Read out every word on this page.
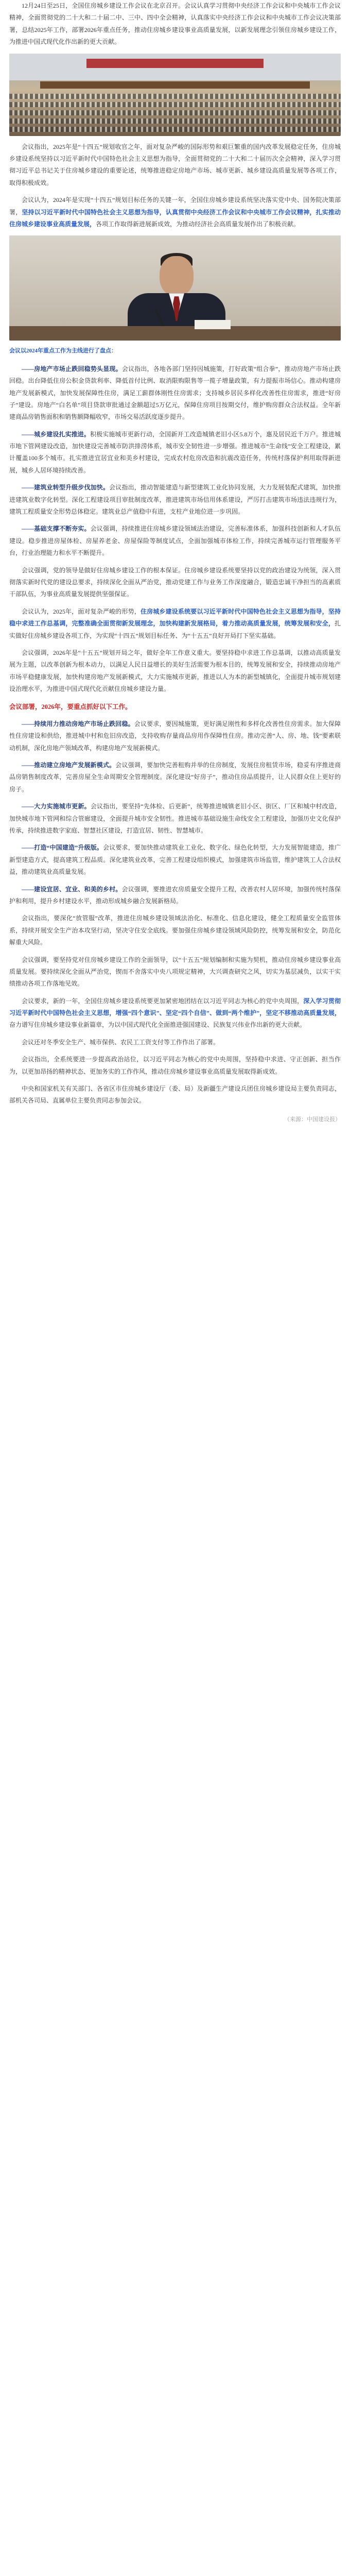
12月24日至25日，全国住房城乡建设工作会议在北京召开。会议认真学习贯彻中央经济工作会议和中央城市工作会议精神，全面贯彻党的二十大和二十届二中、三中、四中全会精神，认真落实中央经济工作会议和中央城市工作会议决策部署，总结2025年工作，部署2026年重点任务，推动住房城乡建设事业高质量发展，以新发展理念引领住房城乡建设工作，为推进中国式现代化作出新的更大贡献。

会议指出，2025年是“十四五”规划收官之年，面对复杂严峻的国际形势和艰巨繁重的国内改革发展稳定任务，住房城乡建设系统坚持以习近平新时代中国特色社会主义思想为指导，全面贯彻党的二十大和二十届历次全会精神，深入学习贯彻习近平总书记关于住房城乡建设的重要论述，统筹推进稳定房地产市场、城市更新、城乡建设高质量发展等各项工作，取得积极成效。

会议认为，2024年是实现“十四五”规划目标任务的关键一年，全国住房城乡建设系统坚决落实党中央、国务院决策部署，坚持以习近平新时代中国特色社会主义思想为指导，认真贯彻中央经济工作会议和中央城市工作会议精神，扎实推动住房城乡建设事业高质量发展，各项工作取得新进展新成效，为推动经济社会高质量发展作出了积极贡献。

会议以2024年重点工作为主线进行了盘点：

——房地产市场止跌回稳势头显现。会议指出，各地各部门坚持因城施策，打好政策“组合拳”，推动房地产市场止跌回稳。出台降低住房公积金贷款利率、降低首付比例、取消限购限售等一揽子增量政策，有力提振市场信心。推动构建房地产发展新模式，加快发展保障性住房，满足工薪群体刚性住房需求；支持城乡居民多样化改善性住房需求，推进“好房子”建设。房地产“白名单”项目贷款审批通过金额超过5万亿元，保障住房项目按期交付，维护购房群众合法权益。全年新建商品房销售面积和销售额降幅收窄，市场交易活跃度逐步提升。

——城乡建设扎实推进。积极实施城市更新行动，全国新开工改造城镇老旧小区5.8万个，惠及居民近千万户。推进城市地下管网建设改造，加快建设完善城市防洪排涝体系，城市安全韧性进一步增强。推进城市“生命线”安全工程建设，累计覆盖100多个城市。扎实推进宜居宜业和美乡村建设，完成农村危房改造和抗震改造任务，传统村落保护利用取得新进展，城乡人居环境持续改善。

——建筑业转型升级步伐加快。会议指出，推动智能建造与新型建筑工业化协同发展，大力发展装配式建筑，加快推进建筑业数字化转型。深化工程建设项目审批制度改革，推进建筑市场信用体系建设，严厉打击建筑市场违法违规行为，建筑工程质量安全形势总体稳定。建筑业总产值稳中有进，支柱产业地位进一步巩固。

——基础支撑不断夯实。会议强调，持续推进住房城乡建设领域法治建设，完善标准体系，加强科技创新和人才队伍建设。稳步推进房屋体检、房屋养老金、房屋保险等制度试点，全面加强城市体检工作，持续完善城市运行管理服务平台，行业治理能力和水平不断提升。

会议强调，党的领导是做好住房城乡建设工作的根本保证。住房城乡建设系统要坚持以党的政治建设为统领，深入贯彻落实新时代党的建设总要求，持续深化全面从严治党，推动党建工作与业务工作深度融合，锻造忠诚干净担当的高素质干部队伍，为事业高质量发展提供坚强保证。

会议认为，2025年，面对复杂严峻的形势，住房城乡建设系统要以习近平新时代中国特色社会主义思想为指导，坚持稳中求进工作总基调，完整准确全面贯彻新发展理念，加快构建新发展格局，着力推动高质量发展，统筹发展和安全，扎实做好住房城乡建设各项工作，为实现“十四五”规划目标任务、为“十五五”良好开局打下坚实基础。

会议强调，2026年是“十五五”规划开局之年，做好全年工作意义重大。要坚持稳中求进工作总基调，以推动高质量发展为主题，以改革创新为根本动力，以满足人民日益增长的美好生活需要为根本目的，统筹发展和安全，持续推动房地产市场平稳健康发展，加快构建房地产发展新模式，大力实施城市更新，推进以人为本的新型城镇化，全面提升城市规划建设治理水平，为推进中国式现代化贡献住房城乡建设力量。

会议部署，2026年，要重点抓好以下工作。

——持续用力推动房地产市场止跌回稳。会议要求，要因城施策，更好满足刚性和多样化改善性住房需求。加大保障性住房建设和供给，推进城中村和危旧房改造，支持收购存量商品房用作保障性住房。推动完善“人、房、地、钱”要素联动机制，深化房地产领域改革，构建房地产发展新模式。

——推动建立房地产发展新模式。会议强调，要加快完善租购并举的住房制度，发展住房租赁市场，稳妥有序推进商品房销售制度改革，完善房屋全生命周期安全管理制度。深化建设“好房子”，推动住房品质提升，让人民群众住上更好的房子。

——大力实施城市更新。会议指出，要坚持“先体检、后更新”，统筹推进城镇老旧小区、街区、厂区和城中村改造，加快城市地下管网和综合管廊建设，全面提升城市安全韧性。推进城市基础设施生命线安全工程建设，加强历史文化保护传承，持续推进数字家庭、智慧社区建设，打造宜居、韧性、智慧城市。

——打造“中国建造”升级版。会议要求，要加快推动建筑业工业化、数字化、绿色化转型，大力发展智能建造，推广新型建造方式，提高建筑工程品质。深化建筑业改革，完善工程建设组织模式，加强建筑市场监管，维护建筑工人合法权益，推动建筑业高质量发展。

——建设宜居、宜业、和美的乡村。会议强调，要推进农房质量安全提升工程，改善农村人居环境，加强传统村落保护和利用，提升乡村建设水平，推动形成城乡融合发展新格局。

会议指出，要深化“放管服”改革，推进住房城乡建设领域法治化、标准化、信息化建设，健全工程质量安全监管体系，持续开展安全生产治本攻坚行动，坚决守住安全底线。要加强住房城乡建设领域风险防控，统筹发展和安全，防范化解重大风险。

会议强调，要坚持党对住房城乡建设工作的全面领导，以“十五五”规划编制和实施为契机，推动住房城乡建设事业高质量发展。要持续深化全面从严治党，锲而不舍落实中央八项规定精神，大兴调查研究之风，切实为基层减负，以实干实绩推动各项工作落地见效。

会议要求，新的一年，全国住房城乡建设系统要更加紧密地团结在以习近平同志为核心的党中央周围，深入学习贯彻习近平新时代中国特色社会主义思想，增强“四个意识”、坚定“四个自信”、做到“两个维护”，坚定不移推动高质量发展，奋力谱写住房城乡建设事业新篇章，为以中国式现代化全面推进强国建设、民族复兴伟业作出新的更大贡献。

会议还对冬季安全生产、城市保供、农民工工资支付等工作作出了部署。

会议指出，全系统要进一步提高政治站位，以习近平同志为核心的党中央周围，坚持稳中求进、守正创新、担当作为，以更加昂扬的精神状态、更加务实的工作作风，推动住房城乡建设事业高质量发展取得新成效。

中央和国家机关有关部门、各省区市住房城乡建设厅（委、局）及新疆生产建设兵团住房城乡建设局主要负责同志，部机关各司局、直属单位主要负责同志参加会议。

（来源：中国建设报）
